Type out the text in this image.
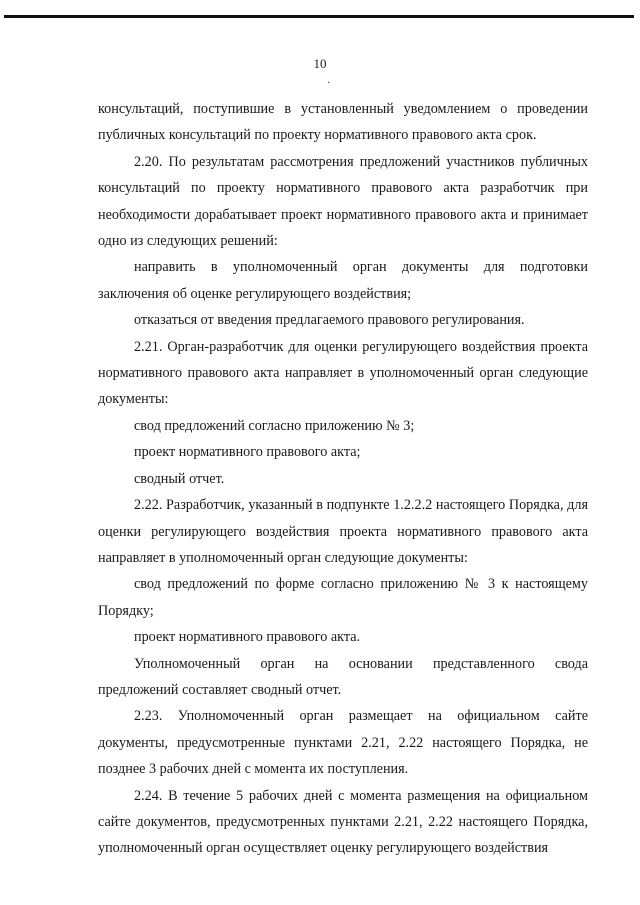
10
·

консультаций, поступившие в установленный уведомлением о проведении публичных консультаций по проекту нормативного правового акта срок.

2.20. По результатам рассмотрения предложений участников публичных консультаций по проекту нормативного правового акта разработчик при необходимости дорабатывает проект нормативного правового акта и принимает одно из следующих решений:

направить в уполномоченный орган документы для подготовки заключения об оценке регулирующего воздействия;

отказаться от введения предлагаемого правового регулирования.

2.21. Орган-разработчик для оценки регулирующего воздействия проекта нормативного правового акта направляет в уполномоченный орган следующие документы:

свод предложений согласно приложению № 3;

проект нормативного правового акта;

сводный отчет.

2.22. Разработчик, указанный в подпункте 1.2.2.2 настоящего Порядка, для оценки регулирующего воздействия проекта нормативного правового акта направляет в уполномоченный орган следующие документы:

свод предложений по форме согласно приложению № 3 к настоящему Порядку;

проект нормативного правового акта.

Уполномоченный орган на основании представленного свода предложений составляет сводный отчет.

2.23. Уполномоченный орган размещает на официальном сайте документы, предусмотренные пунктами 2.21, 2.22 настоящего Порядка, не позднее 3 рабочих дней с момента их поступления.

2.24. В течение 5 рабочих дней с момента размещения на официальном сайте документов, предусмотренных пунктами 2.21, 2.22 настоящего Порядка, уполномоченный орган осуществляет оценку регулирующего воздействия
